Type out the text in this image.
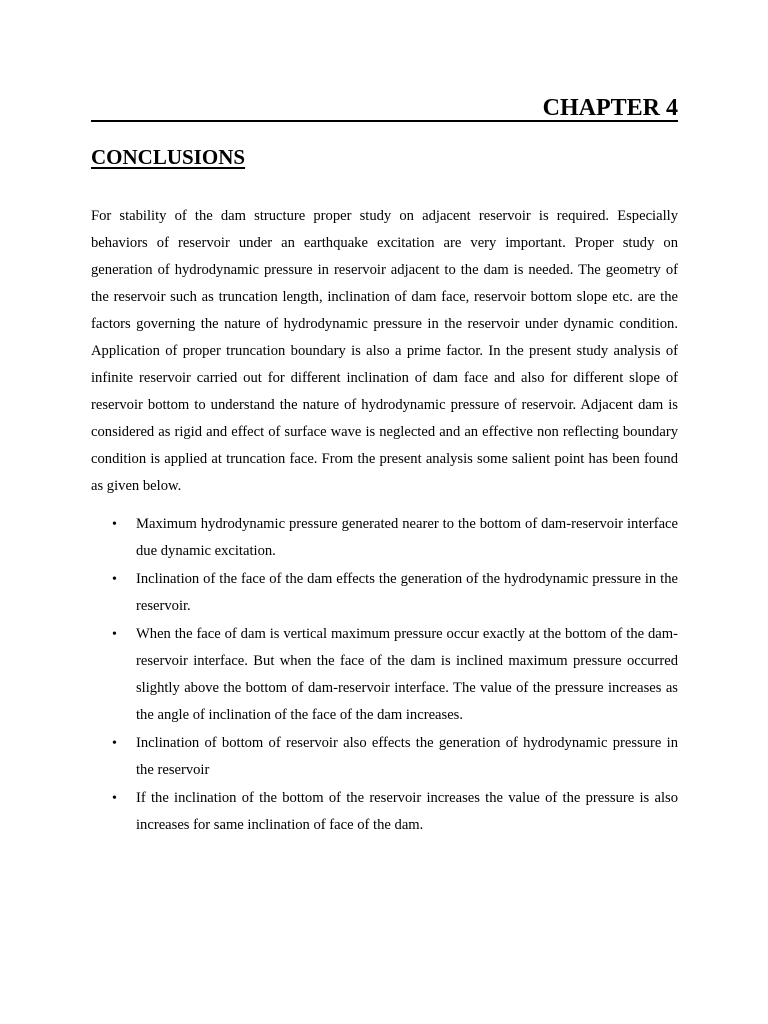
CHAPTER 4
CONCLUSIONS

For stability of the dam structure proper study on adjacent reservoir is required. Especially behaviors of reservoir under an earthquake excitation are very important. Proper study on generation of hydrodynamic pressure in reservoir adjacent to the dam is needed. The geometry of the reservoir such as truncation length, inclination of dam face, reservoir bottom slope etc. are the factors governing the nature of hydrodynamic pressure in the reservoir under dynamic condition. Application of proper truncation boundary is also a prime factor. In the present study analysis of infinite reservoir carried out for different inclination of dam face and also for different slope of reservoir bottom to understand the nature of hydrodynamic pressure of reservoir. Adjacent dam is considered as rigid and effect of surface wave is neglected and an effective non reflecting boundary condition is applied at truncation face. From the present analysis some salient point has been found as given below.

• Maximum hydrodynamic pressure generated nearer to the bottom of dam-reservoir interface due dynamic excitation.
• Inclination of the face of the dam effects the generation of the hydrodynamic pressure in the reservoir.
• When the face of dam is vertical maximum pressure occur exactly at the bottom of the dam-reservoir interface. But when the face of the dam is inclined maximum pressure occurred slightly above the bottom of dam-reservoir interface. The value of the pressure increases as the angle of inclination of the face of the dam increases.
• Inclination of bottom of reservoir also effects the generation of hydrodynamic pressure in the reservoir
• If the inclination of the bottom of the reservoir increases the value of the pressure is also increases for same inclination of face of the dam.
